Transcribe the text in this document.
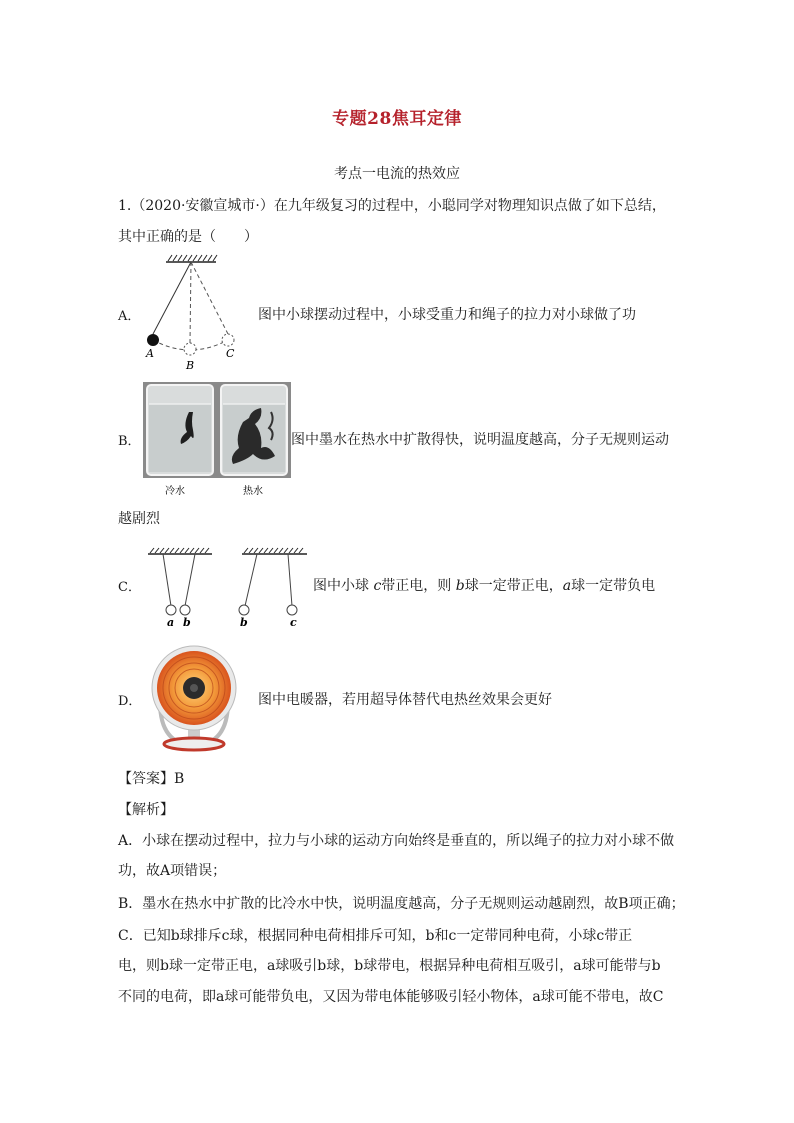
专题28焦耳定律
考点一电流的热效应
1.（2020·安徽宣城市·）在九年级复习的过程中，小聪同学对物理知识点做了如下总结，
其中正确的是（　　）
A
B
C
A．	图中小球摆动过程中，小球受重力和绳子的拉力对小球做了功
冷水	热水
B．	图中墨水在热水中扩散得快，说明温度越高，分子无规则运动
越剧烈
a b	b	c
C．	图中小球 c带正电，则 b球一定带正电，a球一定带负电
D．	图中电暖器，若用超导体替代电热丝效果会更好
【答案】B
【解析】
A．小球在摆动过程中，拉力与小球的运动方向始终是垂直的，所以绳子的拉力对小球不做
功，故A项错误；
B．墨水在热水中扩散的比冷水中快，说明温度越高，分子无规则运动越剧烈，故B项正确；
C．已知b球排斥c球，根据同种电荷相排斥可知，b和c一定带同种电荷，小球c带正
电，则b球一定带正电，a球吸引b球，b球带电，根据异种电荷相互吸引，a球可能带与b
不同的电荷，即a球可能带负电，又因为带电体能够吸引轻小物体，a球可能不带电，故C
